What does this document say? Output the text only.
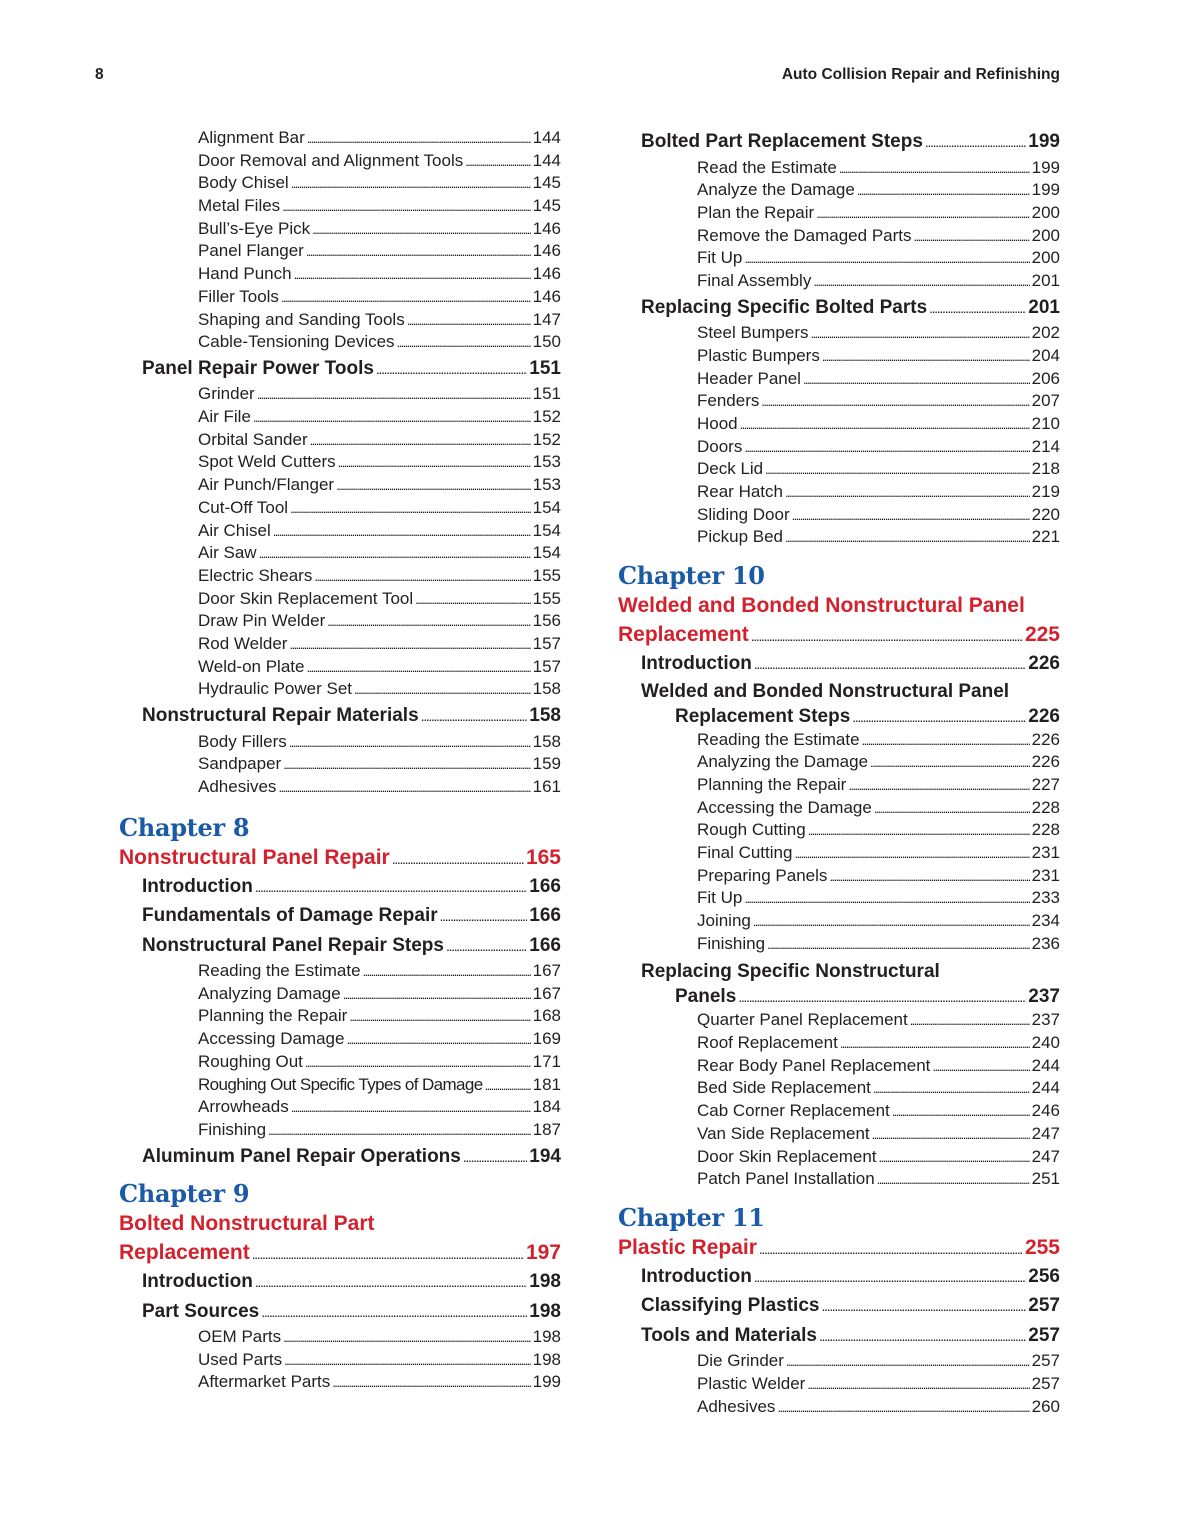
8	Auto Collision Repair and Refinishing
Alignment Bar . . .	144
Door Removal and Alignment Tools . . .	144
Body Chisel . . .	145
Metal Files . . .	145
Bull’s-Eye Pick . . .	146
Panel Flanger . . .	146
Hand Punch . . .	146
Filler Tools . . .	146
Shaping and Sanding Tools . . .	147
Cable-Tensioning Devices . . .	150
Panel Repair Power Tools . . .	151
Grinder . . .	151
Air File . . .	152
Orbital Sander . . .	152
Spot Weld Cutters . . .	153
Air Punch/Flanger . . .	153
Cut-Off Tool . . .	154
Air Chisel . . .	154
Air Saw . . .	154
Electric Shears . . .	155
Door Skin Replacement Tool . . .	155
Draw Pin Welder . . .	156
Rod Welder . . .	157
Weld-on Plate . . .	157
Hydraulic Power Set . . .	158
Nonstructural Repair Materials . . .	158
Body Fillers . . .	158
Sandpaper . . .	159
Adhesives . . .	161
Chapter 8
Nonstructural Panel Repair . . .	165
Introduction . . .	166
Fundamentals of Damage Repair . . .	166
Nonstructural Panel Repair Steps . . .	166
Reading the Estimate . . .	167
Analyzing Damage . . .	167
Planning the Repair . . .	168
Accessing Damage . . .	169
Roughing Out . . .	171
Roughing Out Specific Types of Damage . . .	181
Arrowheads . . .	184
Finishing . . .	187
Aluminum Panel Repair Operations . . .	194
Chapter 9
Bolted Nonstructural Part
Replacement . . .	197
Introduction . . .	198
Part Sources . . .	198
OEM Parts . . .	198
Used Parts . . .	198
Aftermarket Parts . . .	199
Bolted Part Replacement Steps . . .	199
Read the Estimate . . .	199
Analyze the Damage . . .	199
Plan the Repair . . .	200
Remove the Damaged Parts . . .	200
Fit Up . . .	200
Final Assembly . . .	201
Replacing Specific Bolted Parts . . .	201
Steel Bumpers . . .	202
Plastic Bumpers . . .	204
Header Panel . . .	206
Fenders . . .	207
Hood . . .	210
Doors . . .	214
Deck Lid . . .	218
Rear Hatch . . .	219
Sliding Door . . .	220
Pickup Bed . . .	221
Chapter 10
Welded and Bonded Nonstructural Panel
Replacement . . .	225
Introduction . . .	226
Welded and Bonded Nonstructural Panel
Replacement Steps . . .	226
Reading the Estimate . . .	226
Analyzing the Damage . . .	226
Planning the Repair . . .	227
Accessing the Damage . . .	228
Rough Cutting . . .	228
Final Cutting . . .	231
Preparing Panels . . .	231
Fit Up . . .	233
Joining . . .	234
Finishing . . .	236
Replacing Specific Nonstructural
Panels . . .	237
Quarter Panel Replacement . . .	237
Roof Replacement . . .	240
Rear Body Panel Replacement . . .	244
Bed Side Replacement . . .	244
Cab Corner Replacement . . .	246
Van Side Replacement . . .	247
Door Skin Replacement . . .	247
Patch Panel Installation . . .	251
Chapter 11
Plastic Repair . . .	255
Introduction . . .	256
Classifying Plastics . . .	257
Tools and Materials . . .	257
Die Grinder . . .	257
Plastic Welder . . .	257
Adhesives . . .	260
